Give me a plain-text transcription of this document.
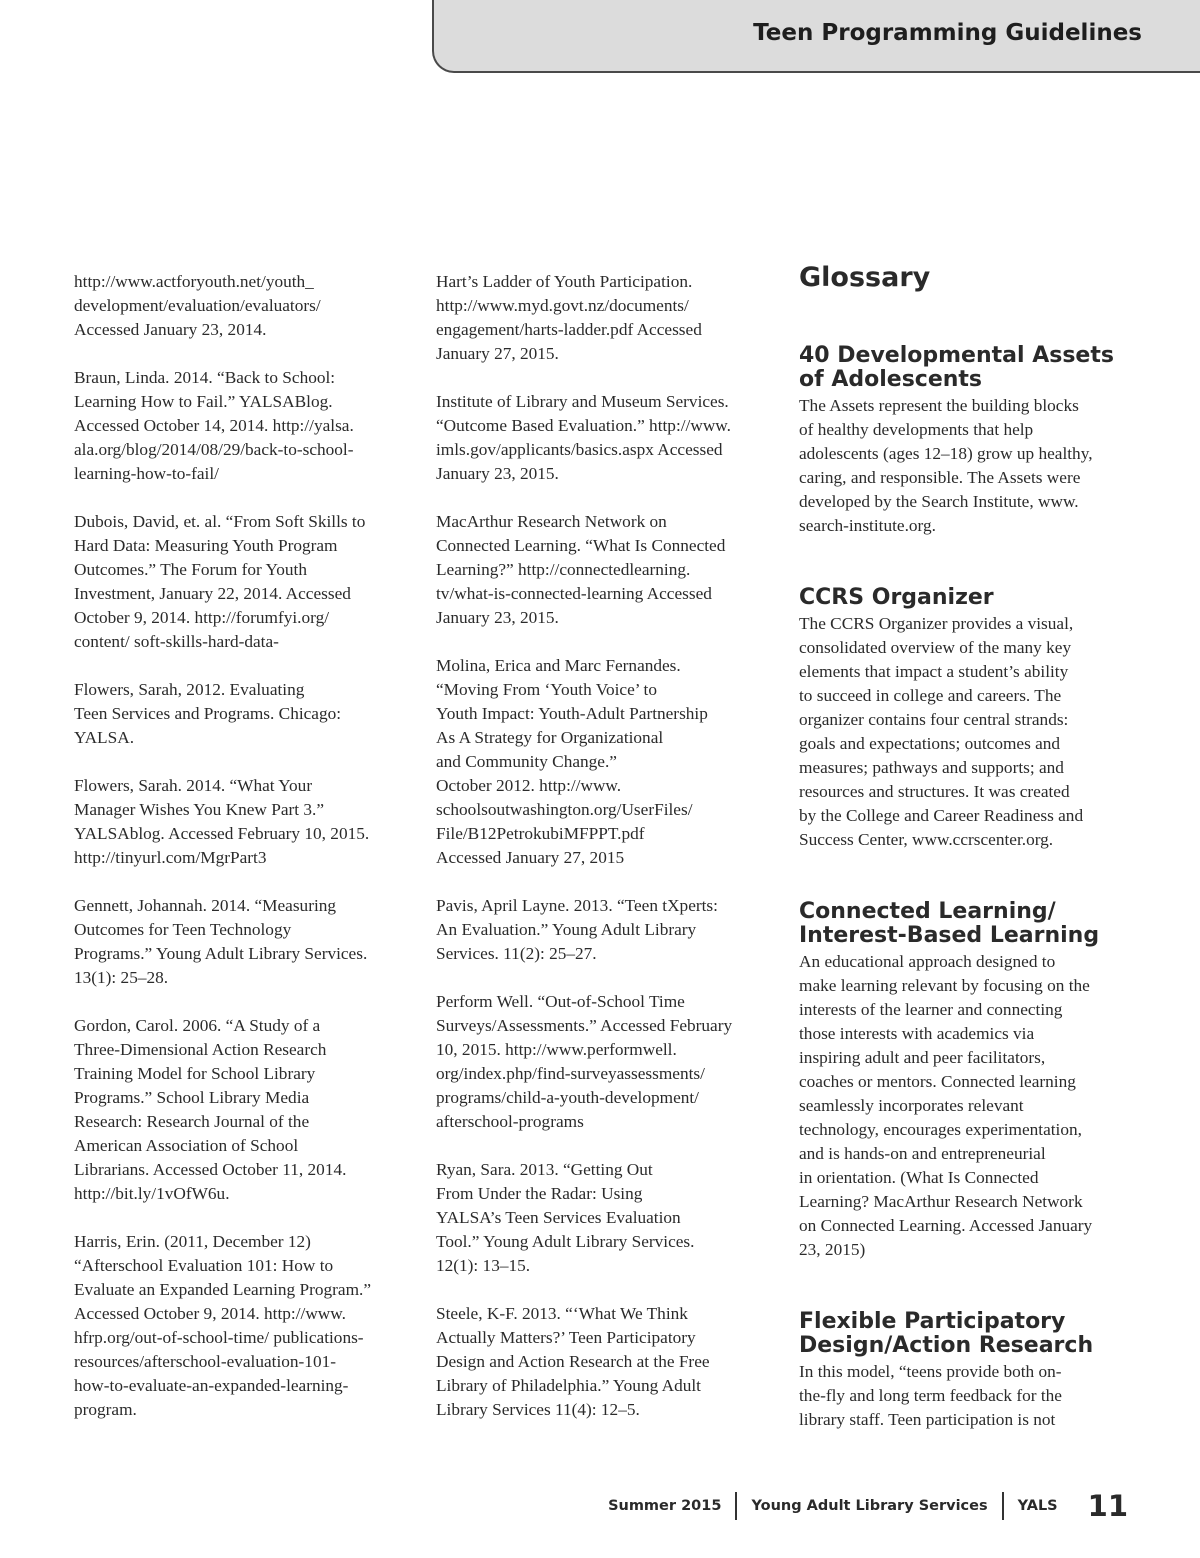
Teen Programming Guidelines

http://www.actforyouth.net/youth_
development/evaluation/evaluators/
Accessed January 23, 2014.

Braun, Linda. 2014. “Back to School:
Learning How to Fail.” YALSABlog.
Accessed October 14, 2014. http://yalsa.
ala.org/blog/2014/08/29/back-to-school-
learning-how-to-fail/

Dubois, David, et. al. “From Soft Skills to
Hard Data: Measuring Youth Program
Outcomes.” The Forum for Youth
Investment, January 22, 2014. Accessed
October 9, 2014. http://forumfyi.org/
content/ soft-skills-hard-data-

Flowers, Sarah, 2012. Evaluating
Teen Services and Programs. Chicago:
YALSA.

Flowers, Sarah. 2014. “What Your
Manager Wishes You Knew Part 3.”
YALSAblog. Accessed February 10, 2015.
http://tinyurl.com/MgrPart3

Gennett, Johannah. 2014. “Measuring
Outcomes for Teen Technology
Programs.” Young Adult Library Services.
13(1): 25–28.

Gordon, Carol. 2006. “A Study of a
Three-Dimensional Action Research
Training Model for School Library
Programs.” School Library Media
Research: Research Journal of the
American Association of School
Librarians. Accessed October 11, 2014.
http://bit.ly/1vOfW6u.

Harris, Erin. (2011, December 12)
“Afterschool Evaluation 101: How to
Evaluate an Expanded Learning Program.”
Accessed October 9, 2014. http://www.
hfrp.org/out-of-school-time/ publications-
resources/afterschool-evaluation-101-
how-to-evaluate-an-expanded-learning-
program.

Hart’s Ladder of Youth Participation.
http://www.myd.govt.nz/documents/
engagement/harts-ladder.pdf Accessed
January 27, 2015.

Institute of Library and Museum Services.
“Outcome Based Evaluation.” http://www.
imls.gov/applicants/basics.aspx Accessed
January 23, 2015.

MacArthur Research Network on
Connected Learning. “What Is Connected
Learning?” http://connectedlearning.
tv/what-is-connected-learning Accessed
January 23, 2015.

Molina, Erica and Marc Fernandes.
“Moving From ‘Youth Voice’ to
Youth Impact: Youth-Adult Partnership
As A Strategy for Organizational
and Community Change.”
October 2012. http://www.
schoolsoutwashington.org/UserFiles/
File/B12PetrokubiMFPPT.pdf
Accessed January 27, 2015

Pavis, April Layne. 2013. “Teen tXperts:
An Evaluation.” Young Adult Library
Services. 11(2): 25–27.

Perform Well. “Out-of-School Time
Surveys/Assessments.” Accessed February
10, 2015. http://www.performwell.
org/index.php/find-surveyassessments/
programs/child-a-youth-development/
afterschool-programs

Ryan, Sara. 2013. “Getting Out
From Under the Radar: Using
YALSA’s Teen Services Evaluation
Tool.” Young Adult Library Services.
12(1): 13–15.

Steele, K-F. 2013. “‘What We Think
Actually Matters?’ Teen Participatory
Design and Action Research at the Free
Library of Philadelphia.” Young Adult
Library Services 11(4): 12–5.

Glossary
40 Developmental Assets
of Adolescents

The Assets represent the building blocks
of healthy developments that help
adolescents (ages 12–18) grow up healthy,
caring, and responsible. The Assets were
developed by the Search Institute, www.
search-institute.org.

CCRS Organizer

The CCRS Organizer provides a visual,
consolidated overview of the many key
elements that impact a student’s ability
to succeed in college and careers. The
organizer contains four central strands:
goals and expectations; outcomes and
measures; pathways and supports; and
resources and structures. It was created
by the College and Career Readiness and
Success Center, www.ccrscenter.org.

Connected Learning/
Interest-Based Learning

An educational approach designed to
make learning relevant by focusing on the
interests of the learner and connecting
those interests with academics via
inspiring adult and peer facilitators,
coaches or mentors. Connected learning
seamlessly incorporates relevant
technology, encourages experimentation,
and is hands-on and entrepreneurial
in orientation. (What Is Connected
Learning? MacArthur Research Network
on Connected Learning. Accessed January
23, 2015)

Flexible Participatory
Design/Action Research

In this model, “teens provide both on-
the-fly and long term feedback for the
library staff. Teen participation is not

Summer 2015 Young Adult Library Services YALS 11
